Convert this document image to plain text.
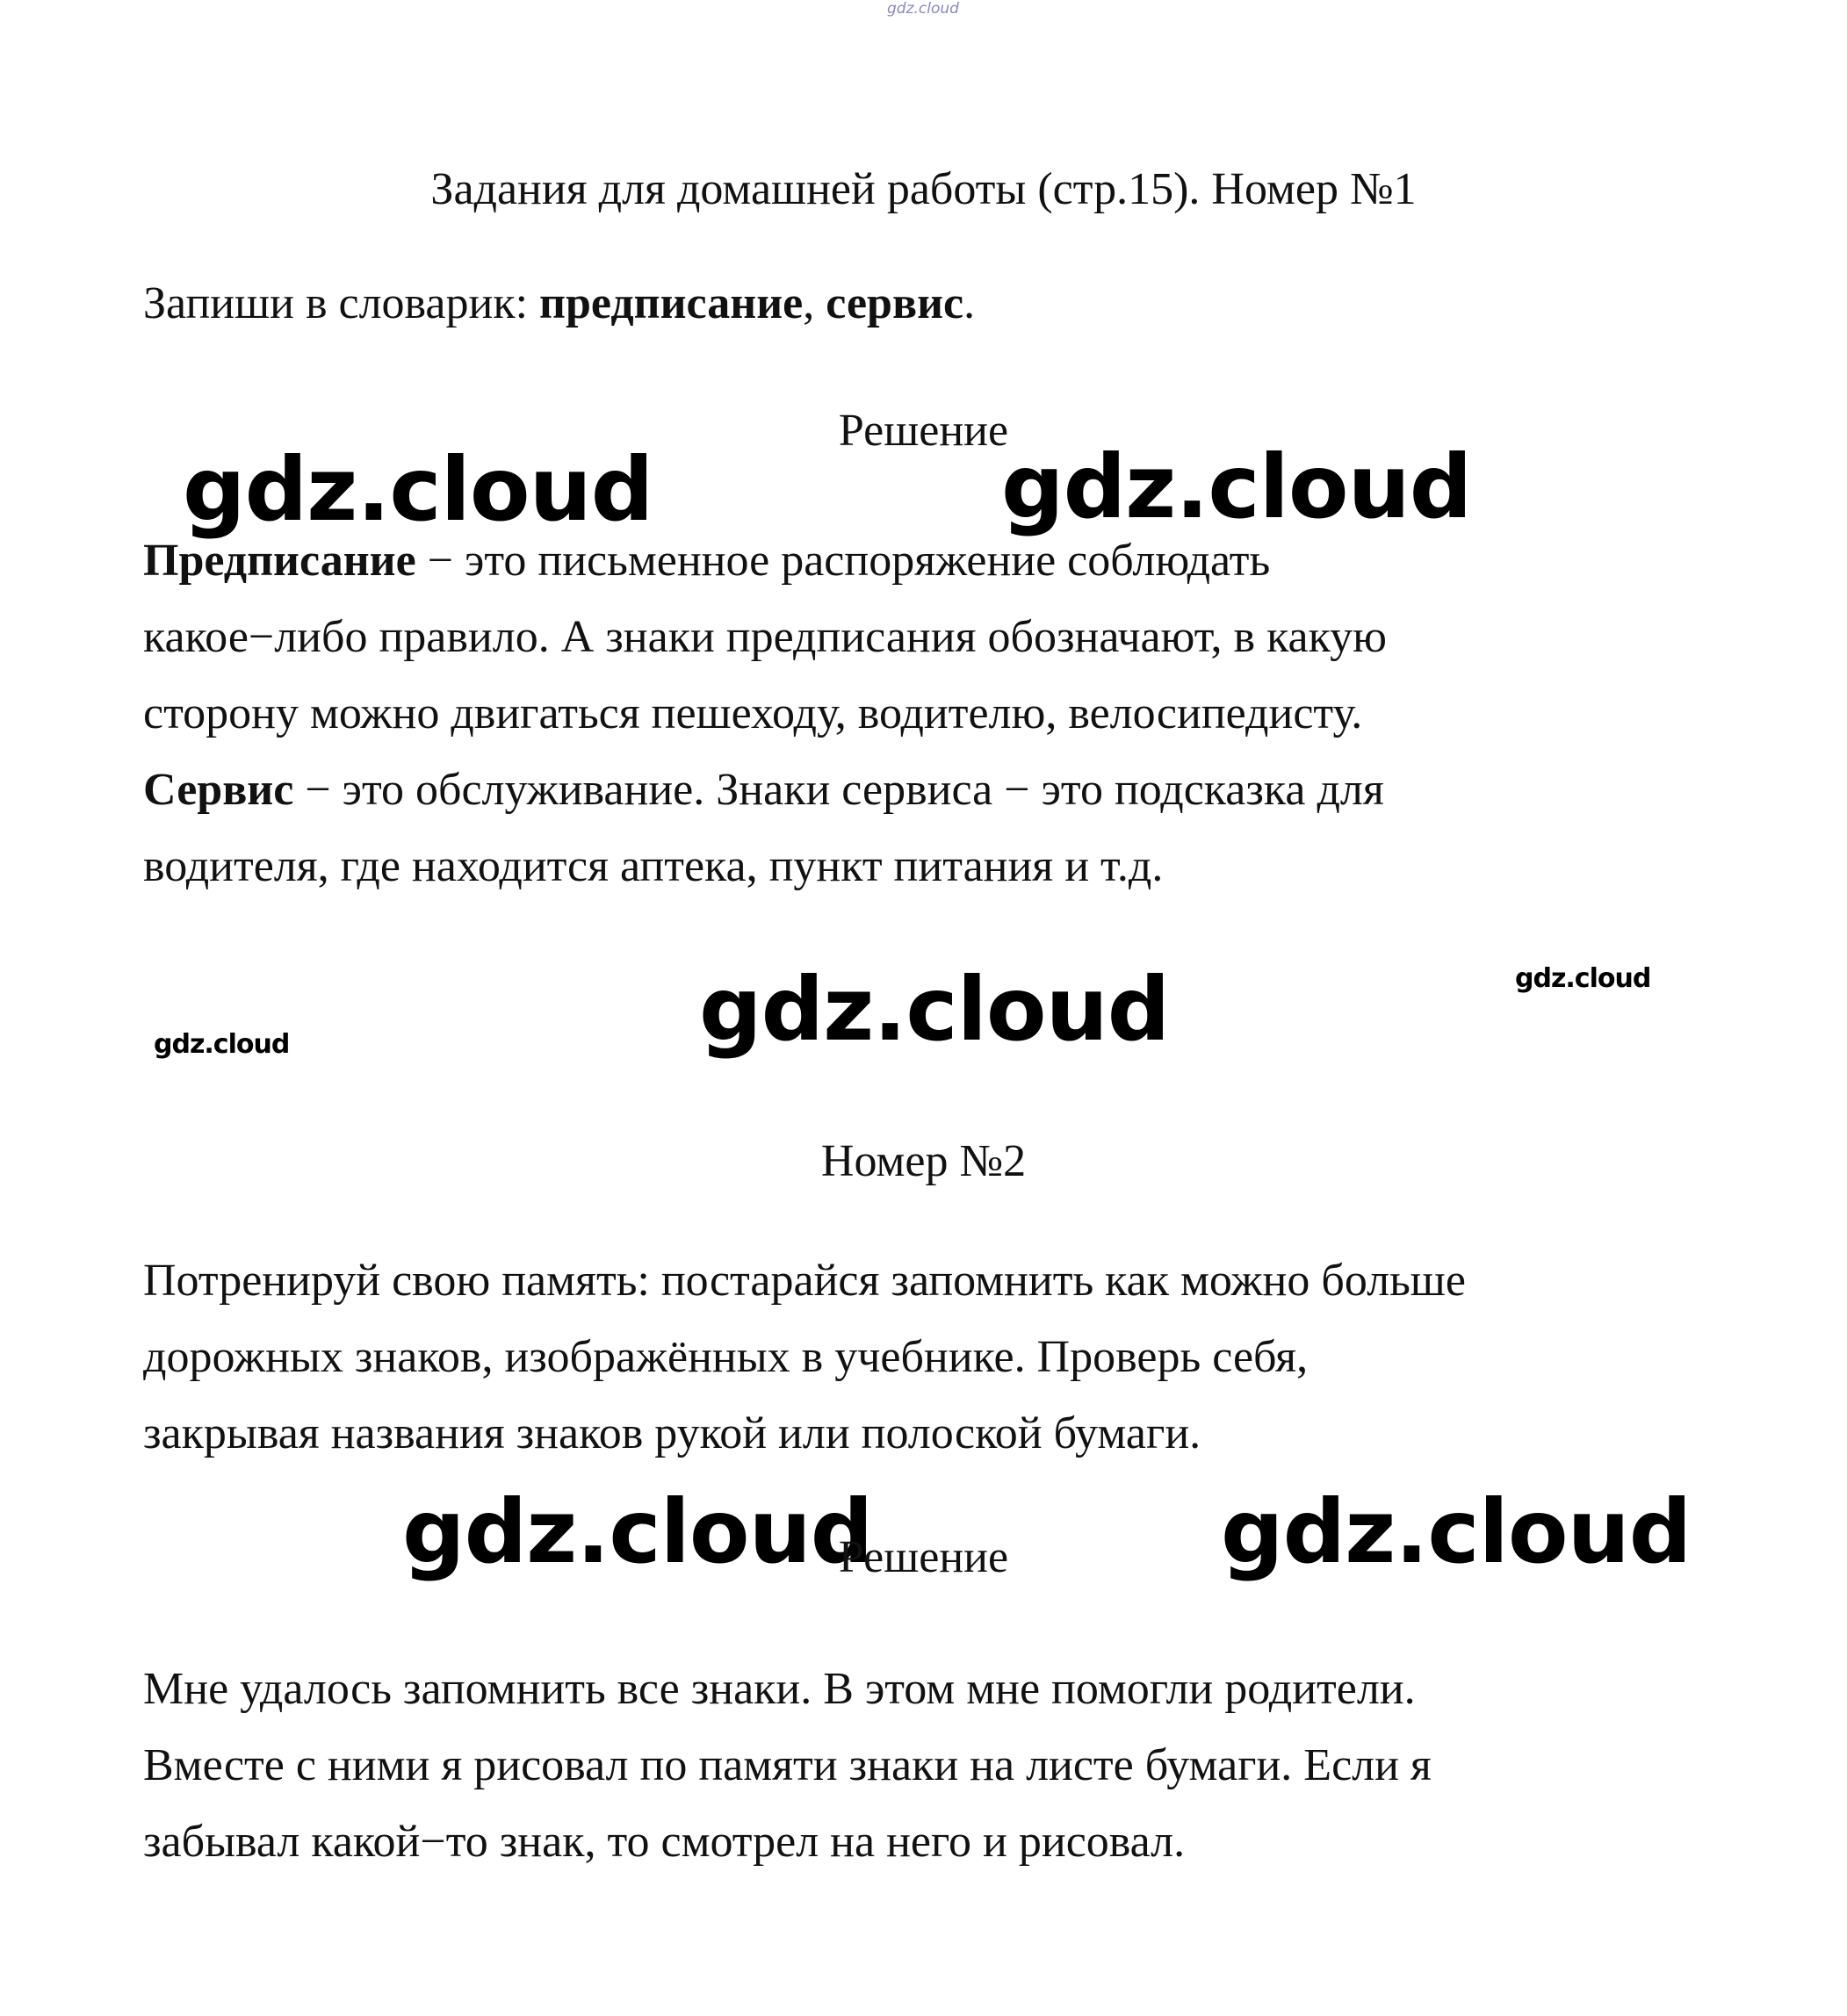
gdz.cloud
Задания для домашней работы (стр.15). Номер №1
Запиши в словарик: предписание, сервис.
Решение
gdz.cloud	gdz.cloud
Предписание − это письменное распоряжение соблюдать
какое−либо правило. А знаки предписания обозначают, в какую
сторону можно двигаться пешеходу, водителю, велосипедисту.
Сервис − это обслуживание. Знаки сервиса − это подсказка для
водителя, где находится аптека, пункт питания и т.д.
gdz.cloud	gdz.cloud
gdz.cloud
Номер №2
Потренируй свою память: постарайся запомнить как можно больше
дорожных знаков, изображённых в учебнике. Проверь себя,
закрывая названия знаков рукой или полоской бумаги.
gdz.cloud	gdz.cloud
Решение
Мне удалось запомнить все знаки. В этом мне помогли родители.
Вместе с ними я рисовал по памяти знаки на листе бумаги. Если я
забывал какой−то знак, то смотрел на него и рисовал.
